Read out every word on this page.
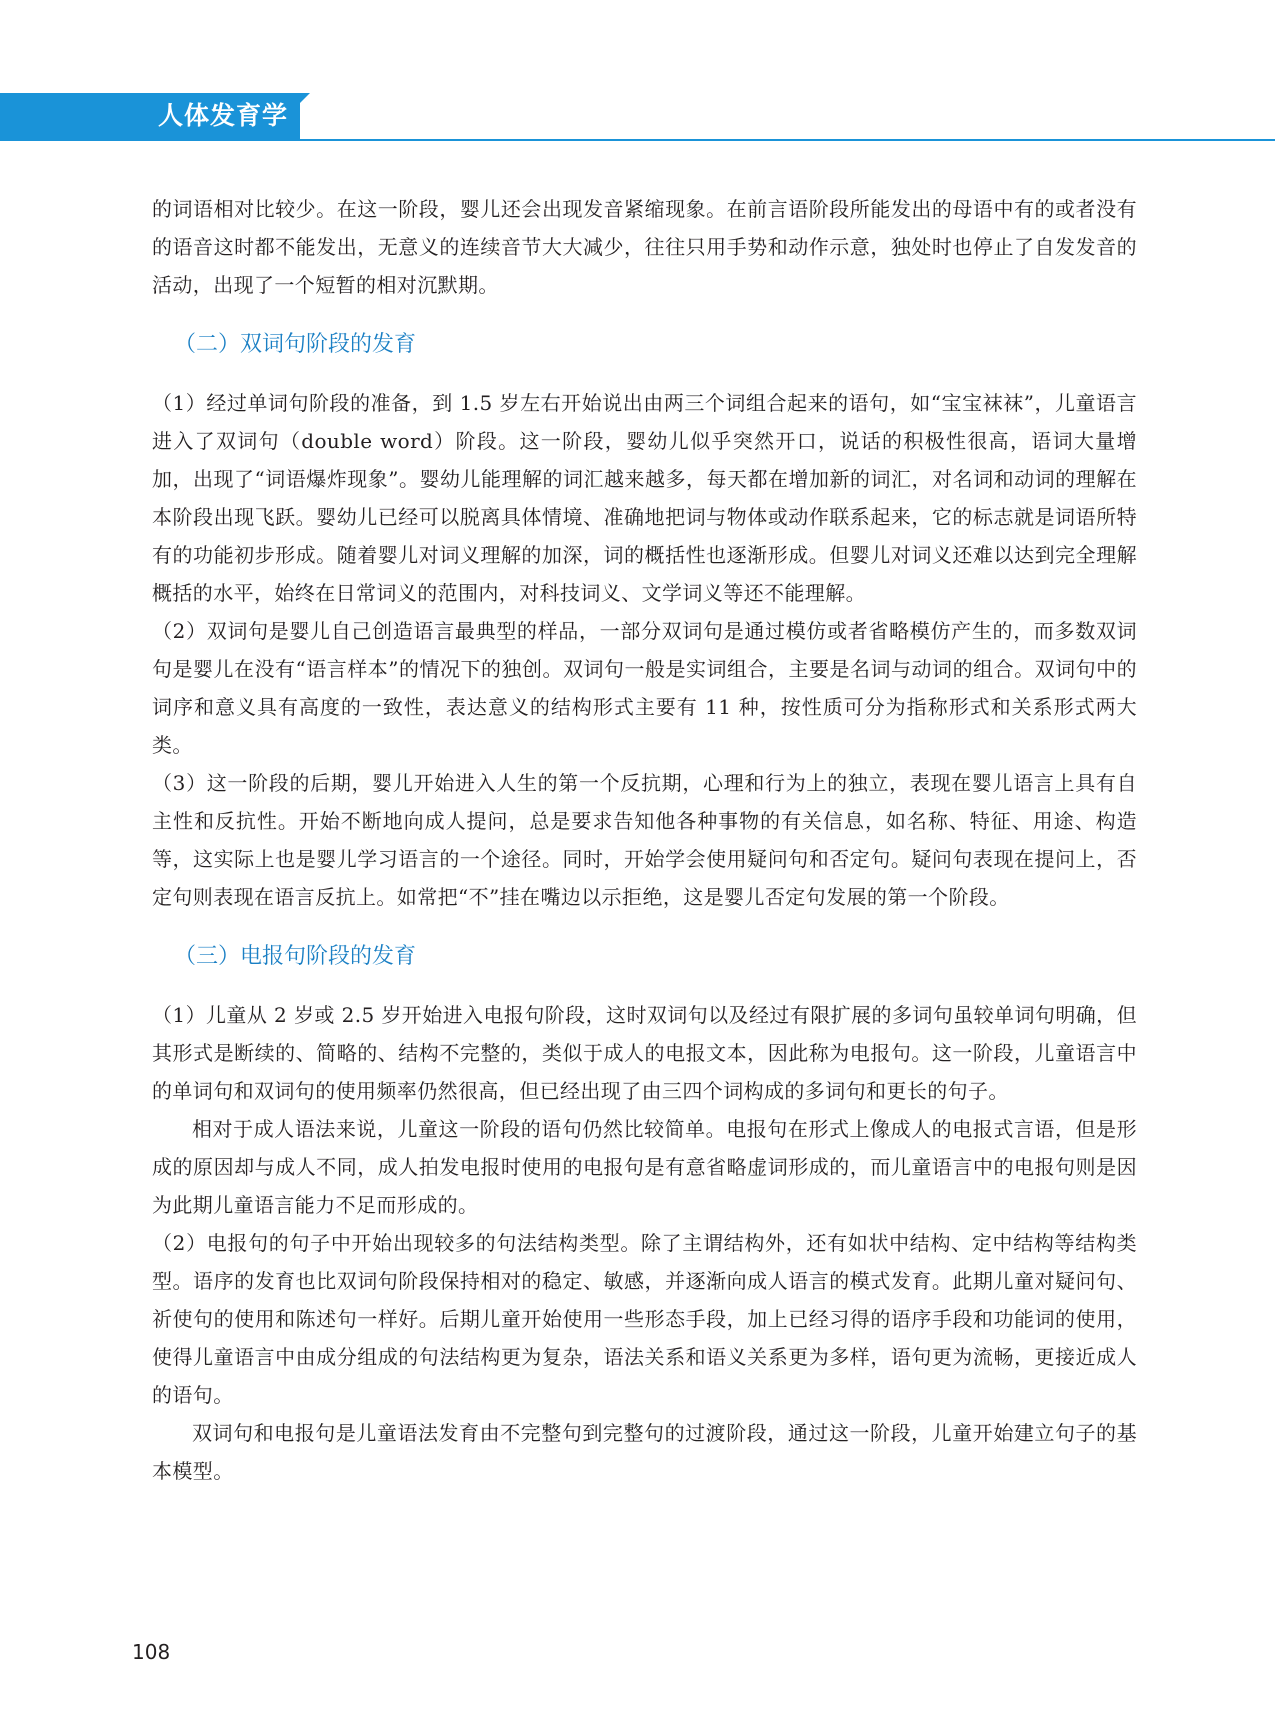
人体发育学

的词语相对比较少。在这一阶段，婴儿还会出现发音紧缩现象。在前言语阶段所能发出的母语中有的或者没有的语音这时都不能发出，无意义的连续音节大大减少，往往只用手势和动作示意，独处时也停止了自发发音的活动，出现了一个短暂的相对沉默期。

（二）双词句阶段的发育

（1）经过单词句阶段的准备，到 1.5 岁左右开始说出由两三个词组合起来的语句，如“宝宝袜袜”，儿童语言进入了双词句（double word）阶段。这一阶段，婴幼儿似乎突然开口，说话的积极性很高，语词大量增加，出现了“词语爆炸现象”。婴幼儿能理解的词汇越来越多，每天都在增加新的词汇，对名词和动词的理解在本阶段出现飞跃。婴幼儿已经可以脱离具体情境、准确地把词与物体或动作联系起来，它的标志就是词语所特有的功能初步形成。随着婴儿对词义理解的加深，词的概括性也逐渐形成。但婴儿对词义还难以达到完全理解概括的水平，始终在日常词义的范围内，对科技词义、文学词义等还不能理解。

（2）双词句是婴儿自己创造语言最典型的样品，一部分双词句是通过模仿或者省略模仿产生的，而多数双词句是婴儿在没有“语言样本”的情况下的独创。双词句一般是实词组合，主要是名词与动词的组合。双词句中的词序和意义具有高度的一致性，表达意义的结构形式主要有 11 种，按性质可分为指称形式和关系形式两大类。

（3）这一阶段的后期，婴儿开始进入人生的第一个反抗期，心理和行为上的独立，表现在婴儿语言上具有自主性和反抗性。开始不断地向成人提问，总是要求告知他各种事物的有关信息，如名称、特征、用途、构造等，这实际上也是婴儿学习语言的一个途径。同时，开始学会使用疑问句和否定句。疑问句表现在提问上，否定句则表现在语言反抗上。如常把“不”挂在嘴边以示拒绝，这是婴儿否定句发展的第一个阶段。

（三）电报句阶段的发育

（1）儿童从 2 岁或 2.5 岁开始进入电报句阶段，这时双词句以及经过有限扩展的多词句虽较单词句明确，但其形式是断续的、简略的、结构不完整的，类似于成人的电报文本，因此称为电报句。这一阶段，儿童语言中的单词句和双词句的使用频率仍然很高，但已经出现了由三四个词构成的多词句和更长的句子。

相对于成人语法来说，儿童这一阶段的语句仍然比较简单。电报句在形式上像成人的电报式言语，但是形成的原因却与成人不同，成人拍发电报时使用的电报句是有意省略虚词形成的，而儿童语言中的电报句则是因为此期儿童语言能力不足而形成的。

（2）电报句的句子中开始出现较多的句法结构类型。除了主谓结构外，还有如状中结构、定中结构等结构类型。语序的发育也比双词句阶段保持相对的稳定、敏感，并逐渐向成人语言的模式发育。此期儿童对疑问句、祈使句的使用和陈述句一样好。后期儿童开始使用一些形态手段，加上已经习得的语序手段和功能词的使用，使得儿童语言中由成分组成的句法结构更为复杂，语法关系和语义关系更为多样，语句更为流畅，更接近成人的语句。

双词句和电报句是儿童语法发育由不完整句到完整句的过渡阶段，通过这一阶段，儿童开始建立句子的基本模型。

108
